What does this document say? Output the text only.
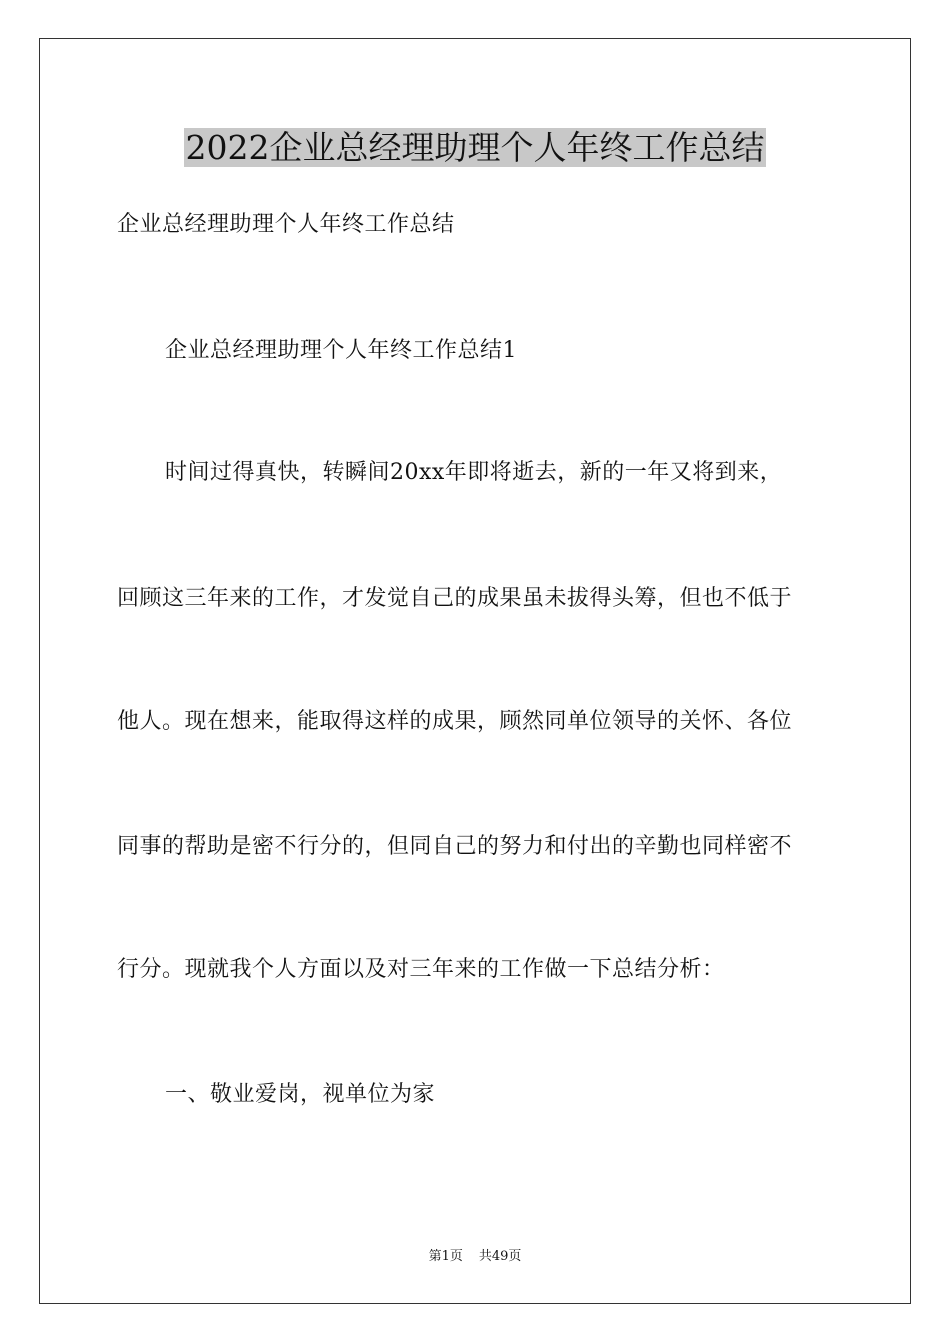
2022企业总经理助理个人年终工作总结
企业总经理助理个人年终工作总结
企业总经理助理个人年终工作总结1
时间过得真快，转瞬间20xx年即将逝去，新的一年又将到来，
回顾这三年来的工作，才发觉自己的成果虽未拔得头筹，但也不低于
他人。现在想来，能取得这样的成果，顾然同单位领导的关怀、各位
同事的帮助是密不行分的，但同自己的努力和付出的辛勤也同样密不
行分。现就我个人方面以及对三年来的工作做一下总结分析：
一、敬业爱岗，视单位为家
第1页 共49页
